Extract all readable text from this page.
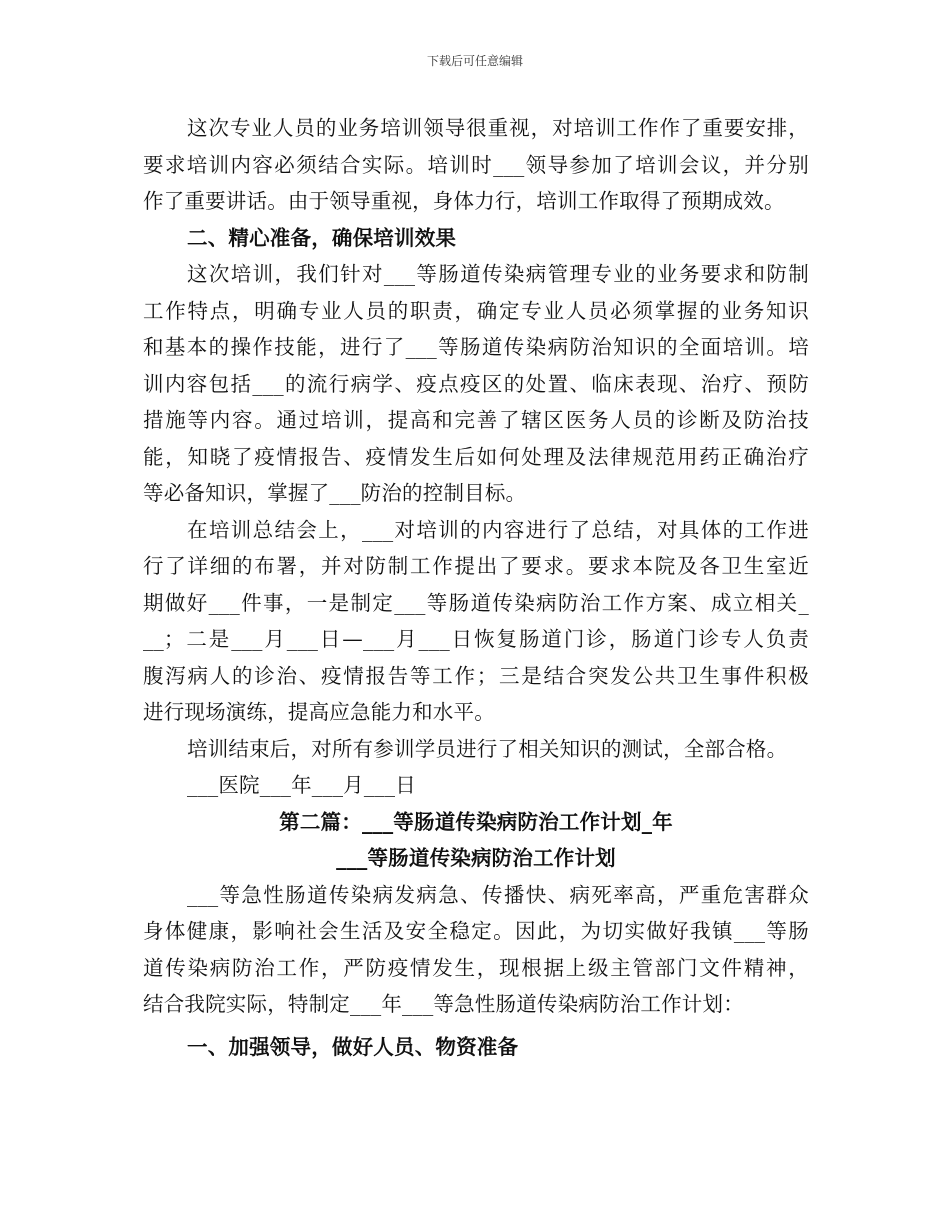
下载后可任意编辑
这次专业人员的业务培训领导很重视，对培训工作作了重要安排，
要求培训内容必须结合实际。培训时___领导参加了培训会议，并分别
作了重要讲话。由于领导重视，身体力行，培训工作取得了预期成效。
二、精心准备，确保培训效果
这次培训，我们针对___等肠道传染病管理专业的业务要求和防制
工作特点，明确专业人员的职责，确定专业人员必须掌握的业务知识
和基本的操作技能，进行了___等肠道传染病防治知识的全面培训。培
训内容包括___的流行病学、疫点疫区的处置、临床表现、治疗、预防
措施等内容。通过培训，提高和完善了辖区医务人员的诊断及防治技
能，知晓了疫情报告、疫情发生后如何处理及法律规范用药正确治疗
等必备知识，掌握了___防治的控制目标。
在培训总结会上，___对培训的内容进行了总结，对具体的工作进
行了详细的布署，并对防制工作提出了要求。要求本院及各卫生室近
期做好___件事，一是制定___等肠道传染病防治工作方案、成立相关_
__；二是___月___日—___月___日恢复肠道门诊，肠道门诊专人负责
腹泻病人的诊治、疫情报告等工作；三是结合突发公共卫生事件积极
进行现场演练，提高应急能力和水平。
培训结束后，对所有参训学员进行了相关知识的测试，全部合格。
___医院___年___月___日
第二篇：___等肠道传染病防治工作计划_年
___等肠道传染病防治工作计划
___等急性肠道传染病发病急、传播快、病死率高，严重危害群众
身体健康，影响社会生活及安全稳定。因此，为切实做好我镇___等肠
道传染病防治工作，严防疫情发生，现根据上级主管部门文件精神，
结合我院实际，特制定___年___等急性肠道传染病防治工作计划：
一、加强领导，做好人员、物资准备
